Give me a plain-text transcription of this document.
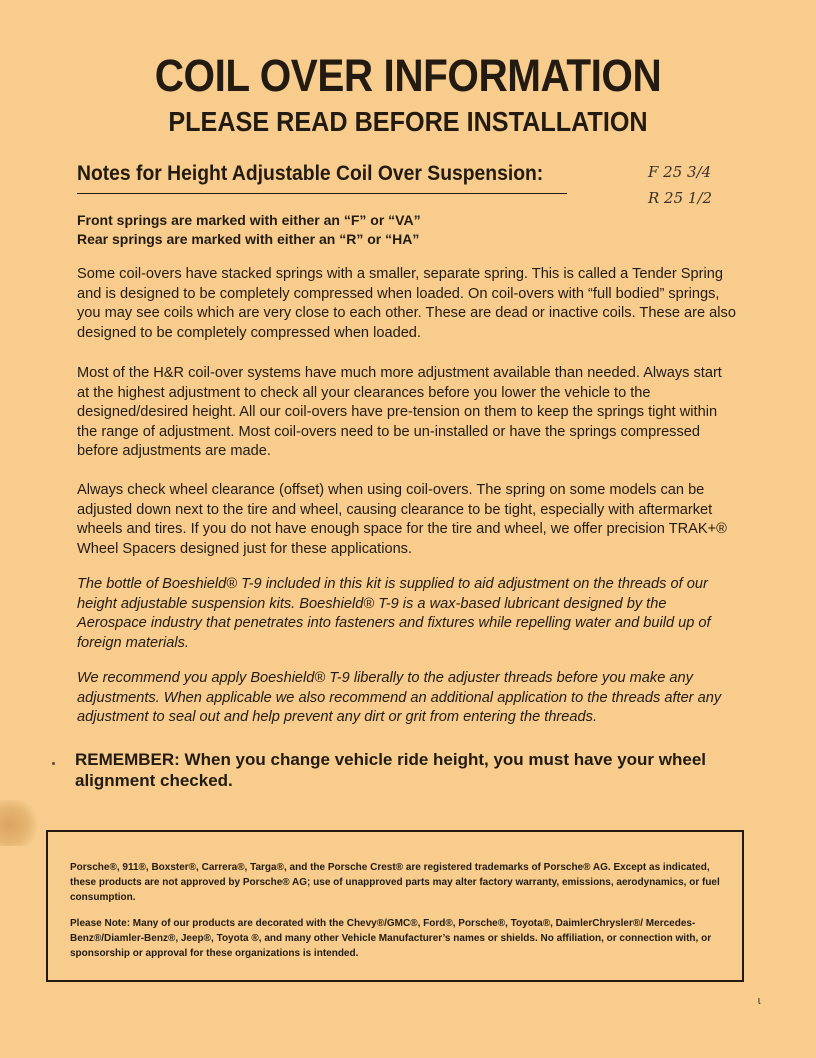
COIL OVER INFORMATION
PLEASE READ BEFORE INSTALLATION
Notes for Height Adjustable Coil Over Suspension:	F 25 3/4
R 25 1/2
Front springs are marked with either an “F” or “VA”
Rear springs are marked with either an “R” or “HA”
Some coil-overs have stacked springs with a smaller, separate spring. This is called a Tender Spring and is designed to be completely compressed when loaded. On coil-overs with “full bodied” springs, you may see coils which are very close to each other. These are dead or inactive coils. These are also designed to be completely compressed when loaded.
Most of the H&R coil-over systems have much more adjustment available than needed. Always start at the highest adjustment to check all your clearances before you lower the vehicle to the designed/desired height. All our coil-overs have pre-tension on them to keep the springs tight within the range of adjustment. Most coil-overs need to be un-installed or have the springs compressed before adjustments are made.
Always check wheel clearance (offset) when using coil-overs. The spring on some models can be adjusted down next to the tire and wheel, causing clearance to be tight, especially with aftermarket wheels and tires. If you do not have enough space for the tire and wheel, we offer precision TRAK+® Wheel Spacers designed just for these applications.
The bottle of Boeshield® T-9 included in this kit is supplied to aid adjustment on the threads of our height adjustable suspension kits. Boeshield® T-9 is a wax-based lubricant designed by the Aerospace industry that penetrates into fasteners and fixtures while repelling water and build up of foreign materials.
We recommend you apply Boeshield® T-9 liberally to the adjuster threads before you make any adjustments. When applicable we also recommend an additional application to the threads after any adjustment to seal out and help prevent any dirt or grit from entering the threads.
REMEMBER: When you change vehicle ride height, you must have your wheel alignment checked.
Porsche®, 911®, Boxster®, Carrera®, Targa®, and the Porsche Crest® are registered trademarks of Porsche® AG. Except as indicated, these products are not approved by Porsche® AG; use of unapproved parts may alter factory warranty, emissions, aerodynamics, or fuel consumption.
Please Note: Many of our products are decorated with the Chevy®/GMC®, Ford®, Porsche®, Toyota®, DaimlerChrysler®/ Mercedes-Benz®/Diamler-Benz®, Jeep®, Toyota ®, and many other Vehicle Manufacturer’s names or shields. No affiliation, or connection with, or sponsorship or approval for these organizations is intended.
ɩ
